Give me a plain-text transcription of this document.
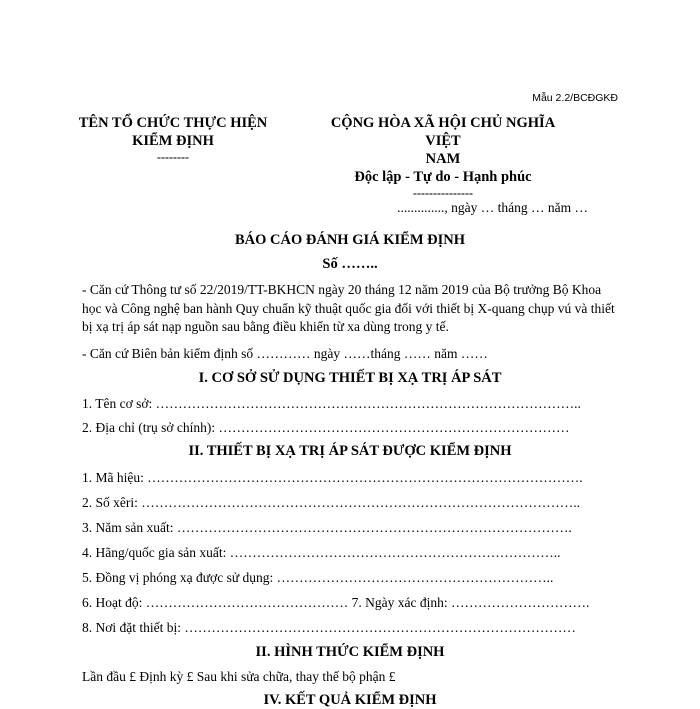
Mẫu 2.2/BCĐGKĐ
TÊN TỔ CHỨC THỰC HIỆN
KIỂM ĐỊNH
--------
CỘNG HÒA XÃ HỘI CHỦ NGHĨA VIỆT
NAM
Độc lập - Tự do - Hạnh phúc
---------------
.............., ngày … tháng … năm …
BÁO CÁO ĐÁNH GIÁ KIỂM ĐỊNH
Số ……..
- Căn cứ Thông tư số 22/2019/TT-BKHCN ngày 20 tháng 12 năm 2019 của Bộ trưởng Bộ Khoa học và Công nghệ ban hành Quy chuẩn kỹ thuật quốc gia đối với thiết bị X-quang chụp vú và thiết bị xạ trị áp sát nạp nguồn sau bằng điều khiển từ xa dùng trong y tế.
- Căn cứ Biên bản kiểm định số ………… ngày ……tháng …… năm ……
I. CƠ SỞ SỬ DỤNG THIẾT BỊ XẠ TRỊ ÁP SÁT
1. Tên cơ sở: …………………………………………………………………………………..
2. Địa chỉ (trụ sở chính): ……………………………………………………………………
II. THIẾT BỊ XẠ TRỊ ÁP SÁT ĐƯỢC KIỂM ĐỊNH
1. Mã hiệu: …………………………………………………………………………………….
2. Số xêri: ……………………………………………………………………………………..
3. Năm sản xuất: …………………………………………………………………………….
4. Hãng/quốc gia sản xuất: ………………………………………………………………..
5. Đồng vị phóng xạ được sử dụng: ……………………………………………………..
6. Hoạt độ: ……………………………………… 7. Ngày xác định: ………………………….
8. Nơi đặt thiết bị: ……………………………………………………………………………
II. HÌNH THỨC KIỂM ĐỊNH
Lần đầu £ Định kỳ £ Sau khi sửa chữa, thay thế bộ phận £
IV. KẾT QUẢ KIỂM ĐỊNH
